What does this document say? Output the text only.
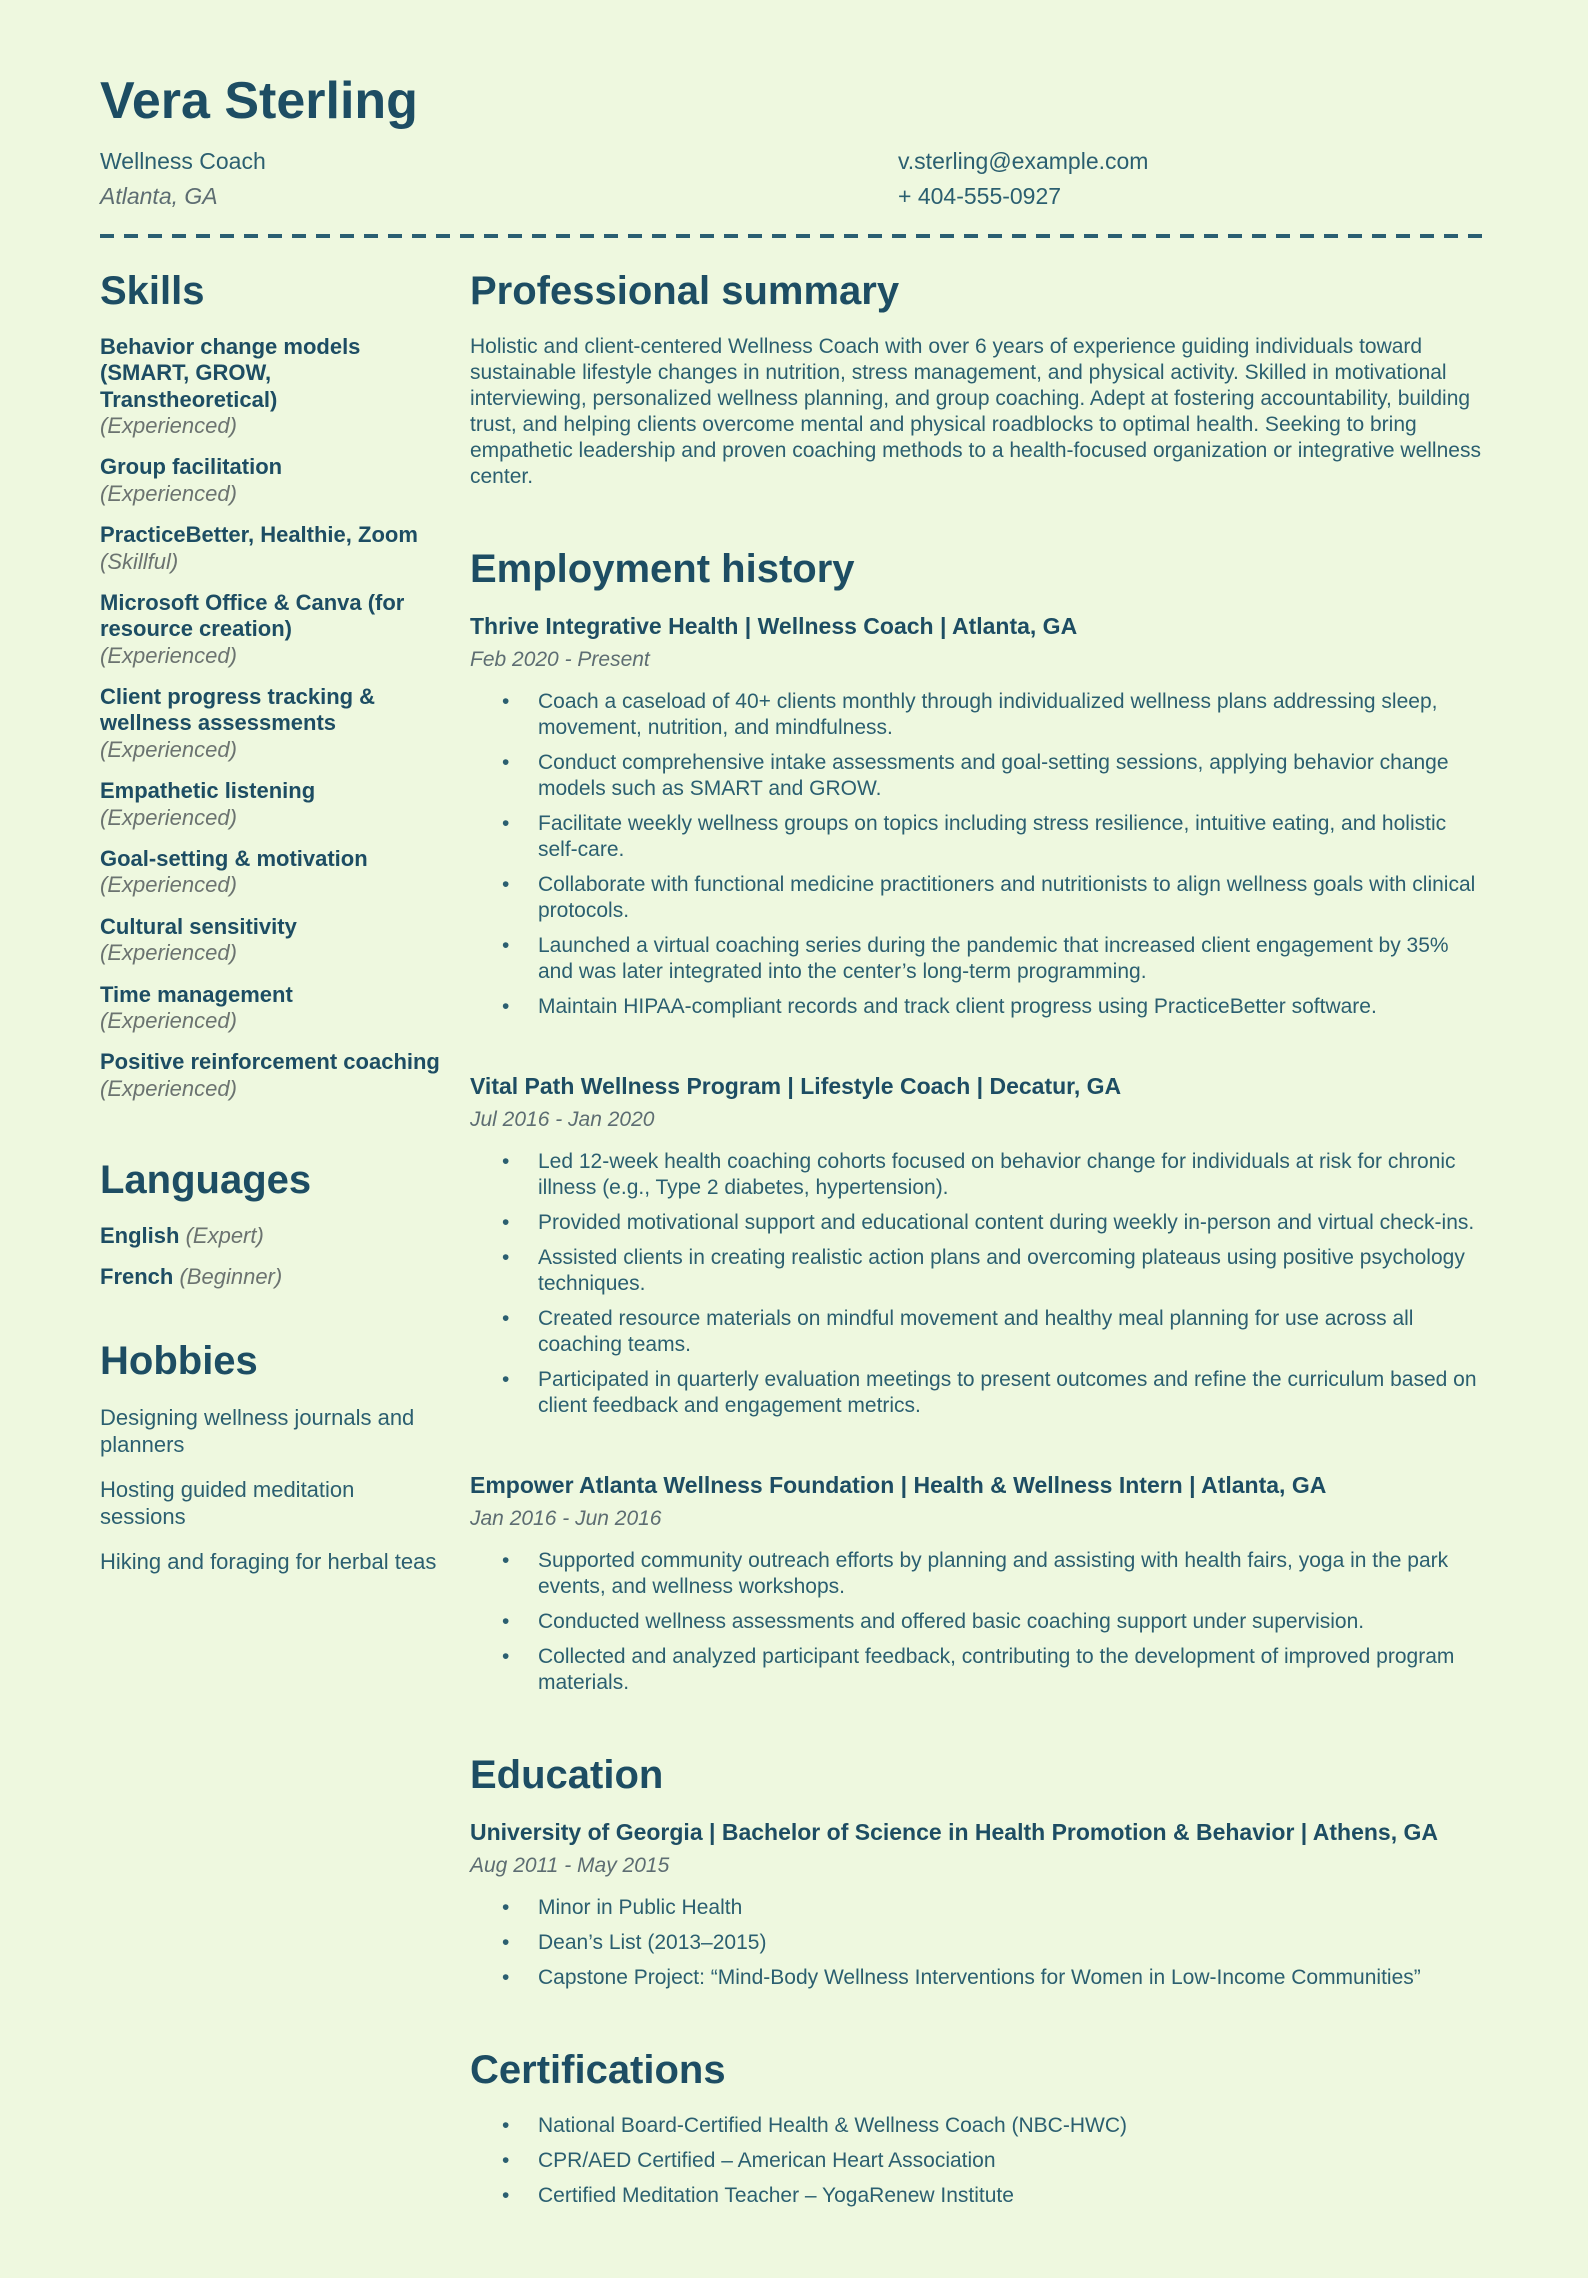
Vera Sterling
Wellness Coach
Atlanta, GA
v.sterling@example.com
+ 404-555-0927
Skills
Behavior change models (SMART, GROW, Transtheoretical)
(Experienced)
Group facilitation
(Experienced)
PracticeBetter, Healthie, Zoom (Skillful)
Microsoft Office & Canva (for resource creation)
(Experienced)
Client progress tracking & wellness assessments
(Experienced)
Empathetic listening
(Experienced)
Goal-setting & motivation
(Experienced)
Cultural sensitivity
(Experienced)
Time management
(Experienced)
Positive reinforcement coaching (Experienced)
Languages
English (Expert)
French (Beginner)
Hobbies
Designing wellness journals and planners
Hosting guided meditation sessions
Hiking and foraging for herbal teas
Professional summary

Holistic and client-centered Wellness Coach with over 6 years of experience guiding individuals toward sustainable lifestyle changes in nutrition, stress management, and physical activity. Skilled in motivational interviewing, personalized wellness planning, and group coaching. Adept at fostering accountability, building trust, and helping clients overcome mental and physical roadblocks to optimal health. Seeking to bring empathetic leadership and proven coaching methods to a health-focused organization or integrative wellness center.

Employment history
Thrive Integrative Health | Wellness Coach | Atlanta, GA
Feb 2020 - Present
• Coach a caseload of 40+ clients monthly through individualized wellness plans addressing sleep, movement, nutrition, and mindfulness.
• Conduct comprehensive intake assessments and goal-setting sessions, applying behavior change models such as SMART and GROW.
• Facilitate weekly wellness groups on topics including stress resilience, intuitive eating, and holistic self-care.
• Collaborate with functional medicine practitioners and nutritionists to align wellness goals with clinical protocols.
• Launched a virtual coaching series during the pandemic that increased client engagement by 35% and was later integrated into the center’s long-term programming.
• Maintain HIPAA-compliant records and track client progress using PracticeBetter software.
Vital Path Wellness Program | Lifestyle Coach | Decatur, GA
Jul 2016 - Jan 2020
• Led 12-week health coaching cohorts focused on behavior change for individuals at risk for chronic illness (e.g., Type 2 diabetes, hypertension).
• Provided motivational support and educational content during weekly in-person and virtual check-ins.
• Assisted clients in creating realistic action plans and overcoming plateaus using positive psychology techniques.
• Created resource materials on mindful movement and healthy meal planning for use across all coaching teams.
• Participated in quarterly evaluation meetings to present outcomes and refine the curriculum based on client feedback and engagement metrics.
Empower Atlanta Wellness Foundation | Health & Wellness Intern | Atlanta, GA
Jan 2016 - Jun 2016
• Supported community outreach efforts by planning and assisting with health fairs, yoga in the park events, and wellness workshops.
• Conducted wellness assessments and offered basic coaching support under supervision.
• Collected and analyzed participant feedback, contributing to the development of improved program materials.
Education
University of Georgia | Bachelor of Science in Health Promotion & Behavior | Athens, GA
Aug 2011 - May 2015
• Minor in Public Health
• Dean’s List (2013–2015)
• Capstone Project: “Mind-Body Wellness Interventions for Women in Low-Income Communities”
Certifications
• National Board-Certified Health & Wellness Coach (NBC-HWC)
• CPR/AED Certified – American Heart Association
• Certified Meditation Teacher – YogaRenew Institute
